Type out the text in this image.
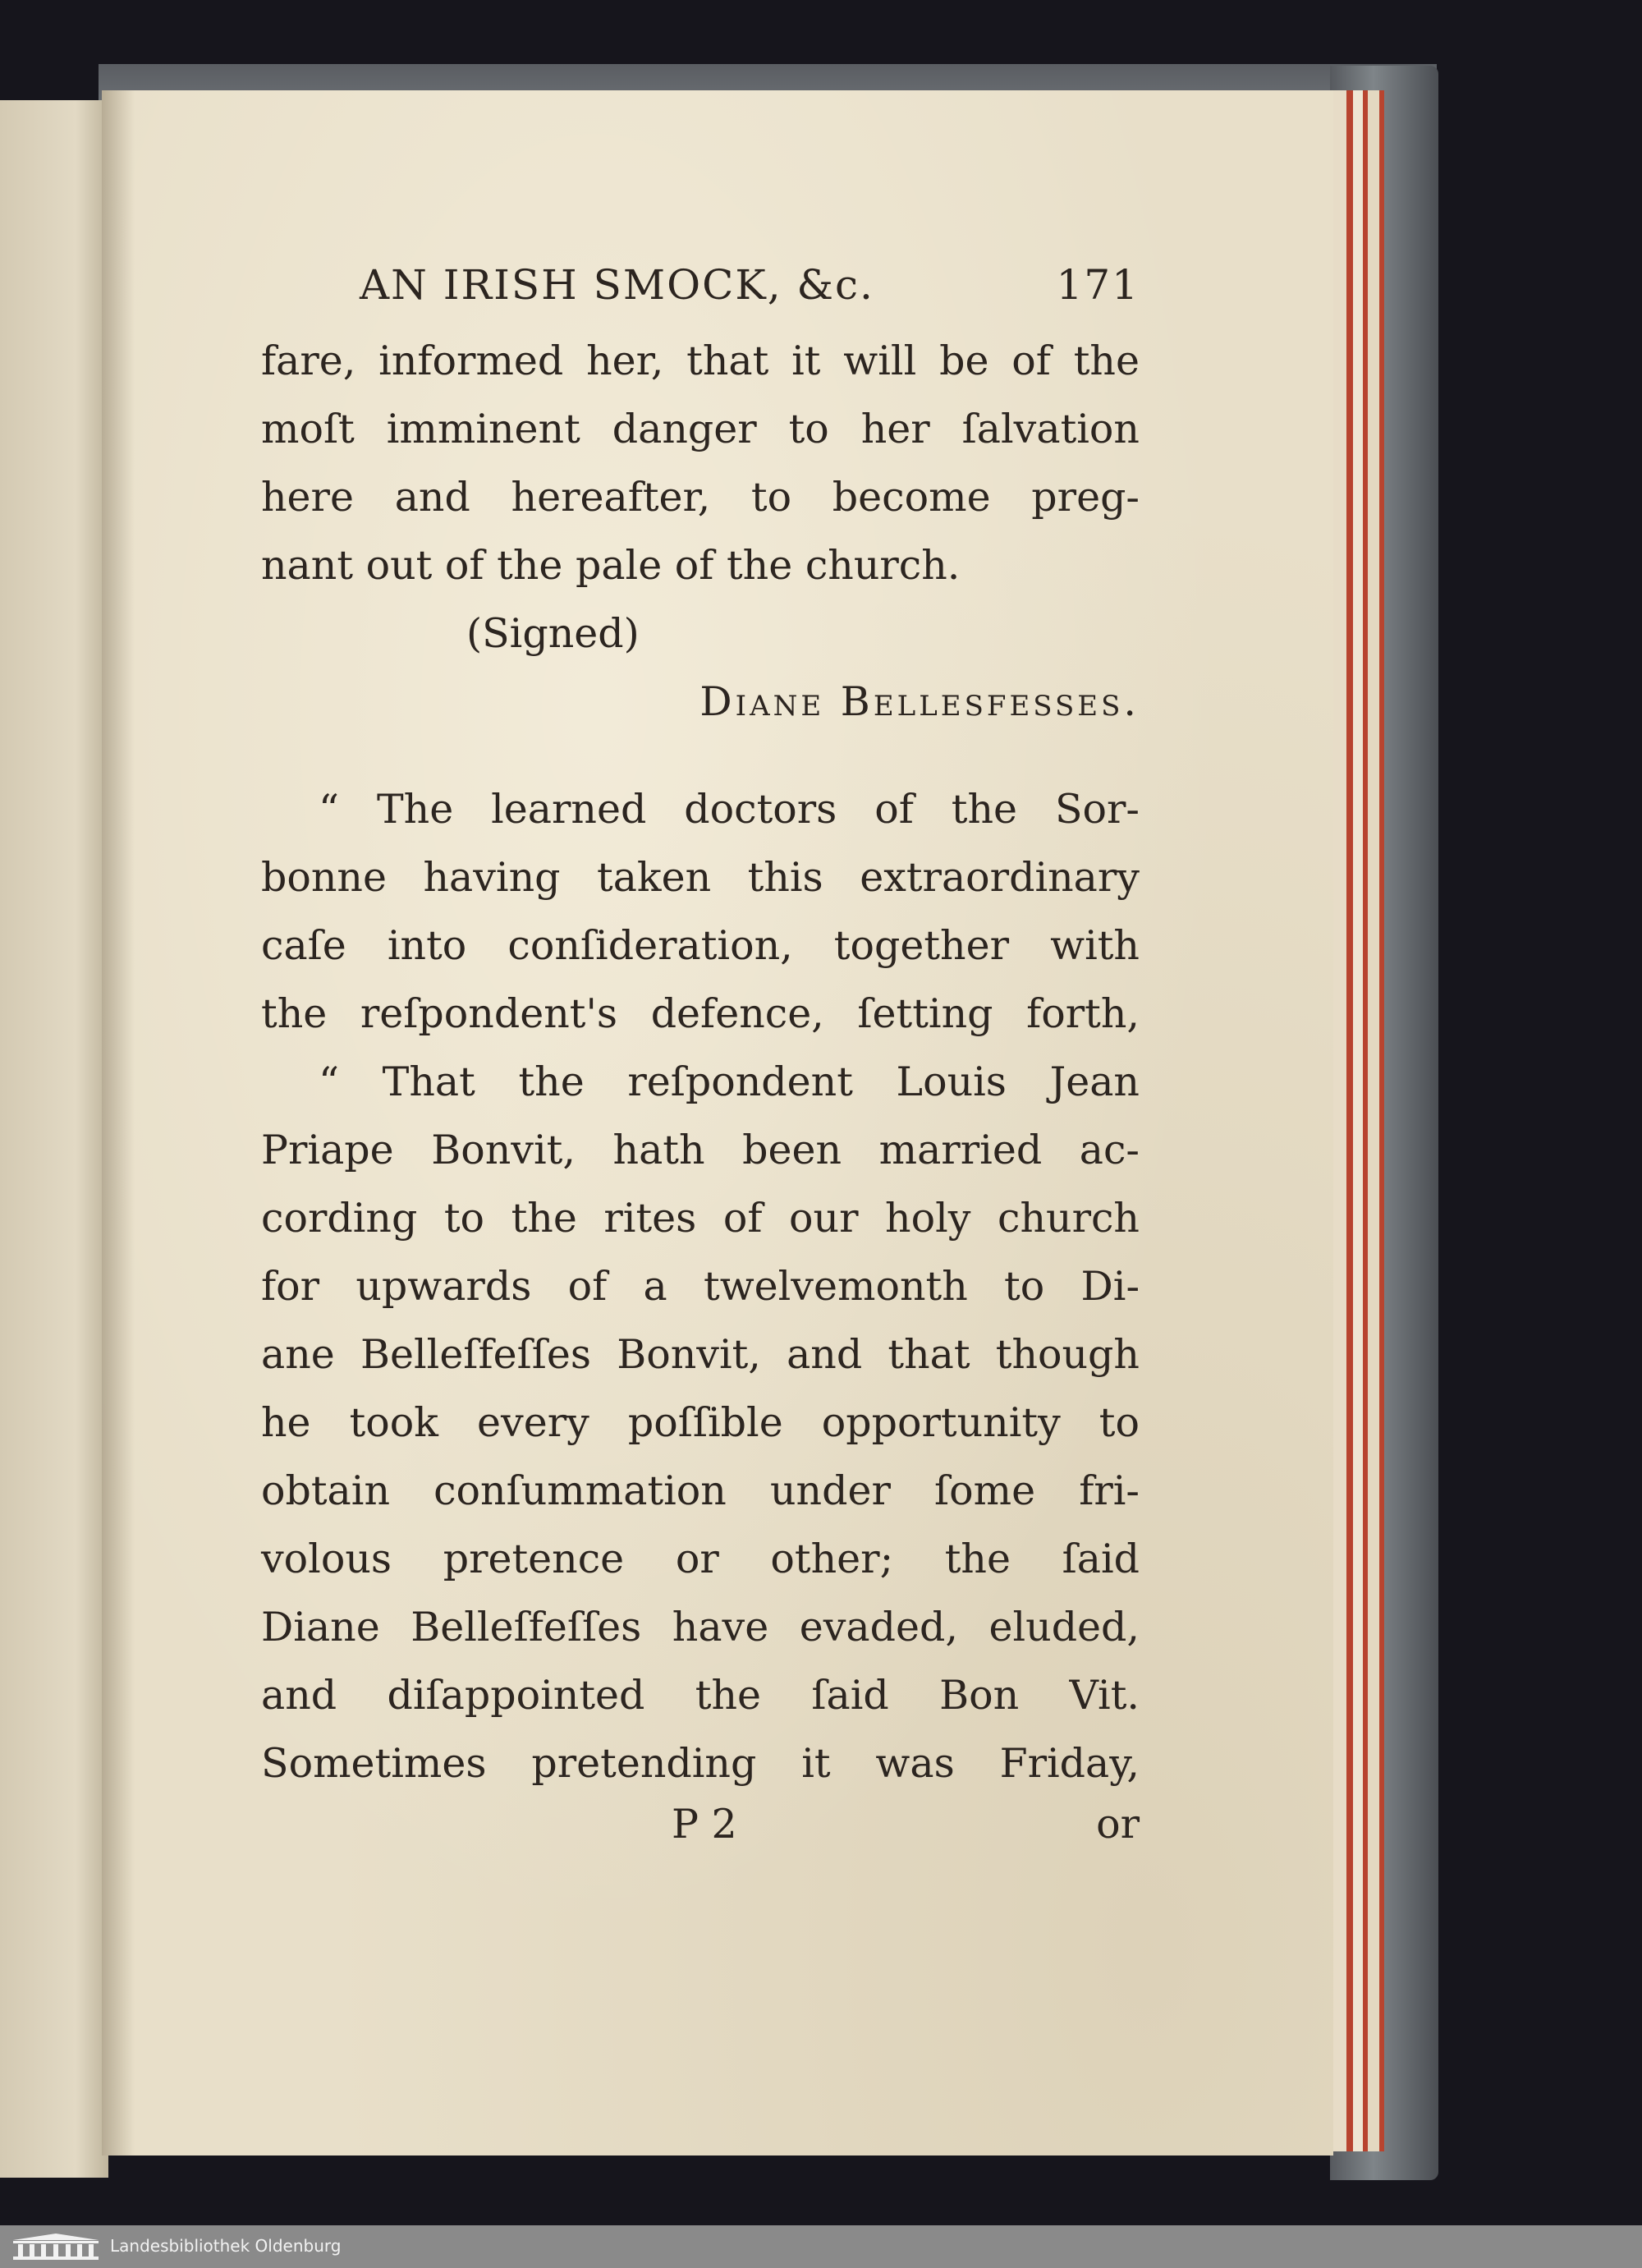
AN IRISH SMOCK, &c.	171
fare, informed her, that it will be of the
moſt imminent danger to her ſalvation
here and hereafter, to become preg-
nant out of the pale of the church.
(Signed)
Diane Bellesfesses.
“ The learned doctors of the Sor-
bonne having taken this extraordinary
caſe into conſideration, together with
the reſpondent's defence, ſetting forth,
“ That the reſpondent Louis Jean
Priape Bonvit, hath been married ac-
cording to the rites of our holy church
for upwards of a twelvemonth to Di-
ane Belleſfeſſes Bonvit, and that though
he took every poſſible opportunity to
obtain conſummation under ſome fri-
volous pretence or other; the ſaid
Diane Belleſfeſſes have evaded, eluded,
and diſappointed the ſaid Bon Vit.
Sometimes pretending it was Friday,
P 2	or
Landesbibliothek Oldenburg
